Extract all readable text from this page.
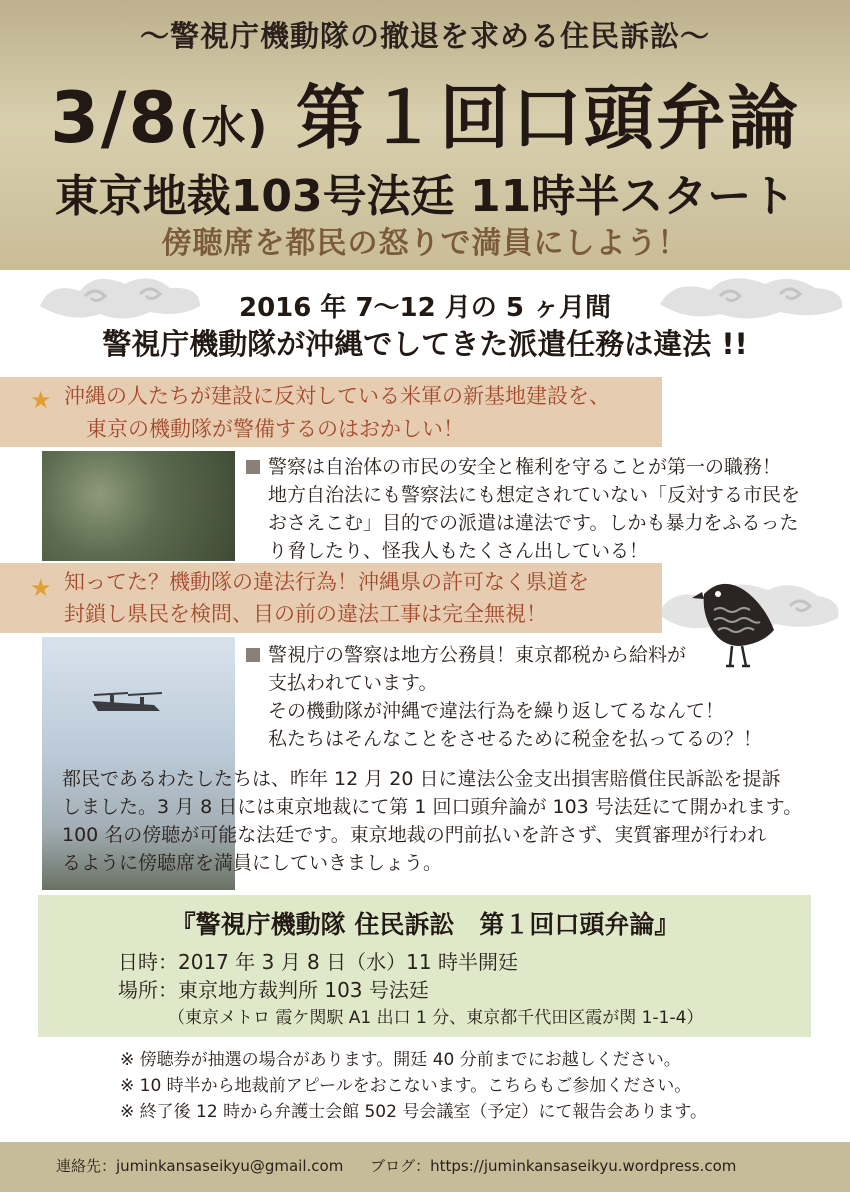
〜警視庁機動隊の撤退を求める住民訴訟〜
3/8(水) 第１回口頭弁論
東京地裁103号法廷 11時半スタート
傍聴席を都民の怒りで満員にしよう！
2016 年 7〜12 月の 5 ヶ月間
警視庁機動隊が沖縄でしてきた派遣任務は違法 !!
★ 沖縄の人たちが建設に反対している米軍の新基地建設を、
東京の機動隊が警備するのはおかしい！
警察は自治体の市民の安全と権利を守ることが第一の職務！
地方自治法にも警察法にも想定されていない「反対する市民を
おさえこむ」目的での派遣は違法です。しかも暴力をふるった
り脅したり、怪我人もたくさん出している！
★ 知ってた？機動隊の違法行為！沖縄県の許可なく県道を
封鎖し県民を検問、目の前の違法工事は完全無視！
警視庁の警察は地方公務員！東京都税から給料が
支払われています。
その機動隊が沖縄で違法行為を繰り返してるなんて！
私たちはそんなことをさせるために税金を払ってるの？！
都民であるわたしたちは、昨年 12 月 20 日に違法公金支出損害賠償住民訴訟を提訴
しました。3 月 8 日には東京地裁にて第 1 回口頭弁論が 103 号法廷にて開かれます。
100 名の傍聴が可能な法廷です。東京地裁の門前払いを許さず、実質審理が行われ
るように傍聴席を満員にしていきましょう。
『警視庁機動隊 住民訴訟　第１回口頭弁論』
日時：2017 年 3 月 8 日（水）11 時半開廷
場所：東京地方裁判所 103 号法廷
（東京メトロ 霞ケ関駅 A1 出口 1 分、東京都千代田区霞が関 1-1-4）
※ 傍聴券が抽選の場合があります。開廷 40 分前までにお越しください。
※ 10 時半から地裁前アピールをおこないます。こちらもご参加ください。
※ 終了後 12 時から弁護士会館 502 号会議室（予定）にて報告会あります。
連絡先：juminkansaseikyu@gmail.com ブログ：https://juminkansaseikyu.wordpress.com
